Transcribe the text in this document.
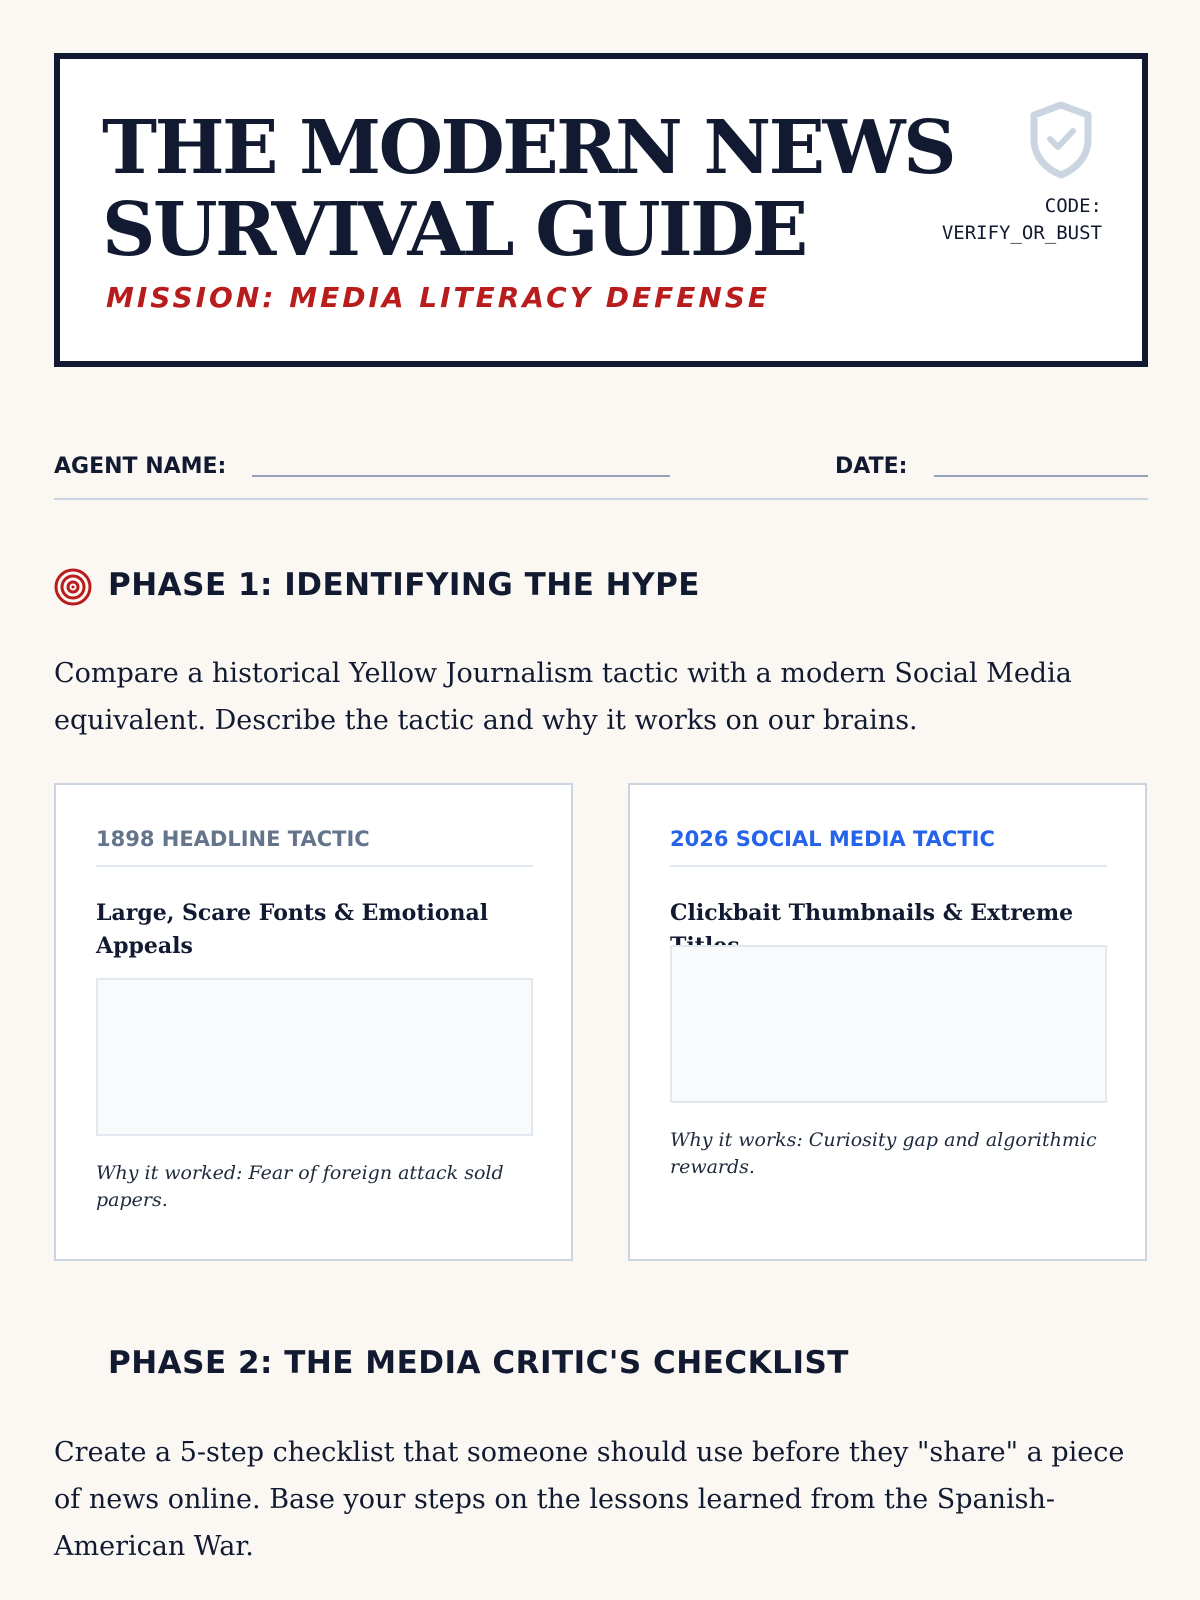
THE MODERN NEWS
SURVIVAL GUIDE
MISSION: MEDIA LITERACY DEFENSE
CODE:
VERIFY_OR_BUST
AGENT NAME:	DATE:
PHASE 1: IDENTIFYING THE HYPE

Compare a historical Yellow Journalism tactic with a modern Social Media equivalent. Describe the tactic and why it works on our brains.

1898 HEADLINE TACTIC

Large, Scare Fonts & Emotional Appeals

Why it worked: Fear of foreign attack sold papers.

2026 SOCIAL MEDIA TACTIC

Clickbait Thumbnails & Extreme

Why it works: Curiosity gap and algorithmic rewards.

PHASE 2: THE MEDIA CRITIC'S CHECKLIST

Create a 5-step checklist that someone should use before they "share" a piece of news online. Base your steps on the lessons learned from the Spanish-American War.
